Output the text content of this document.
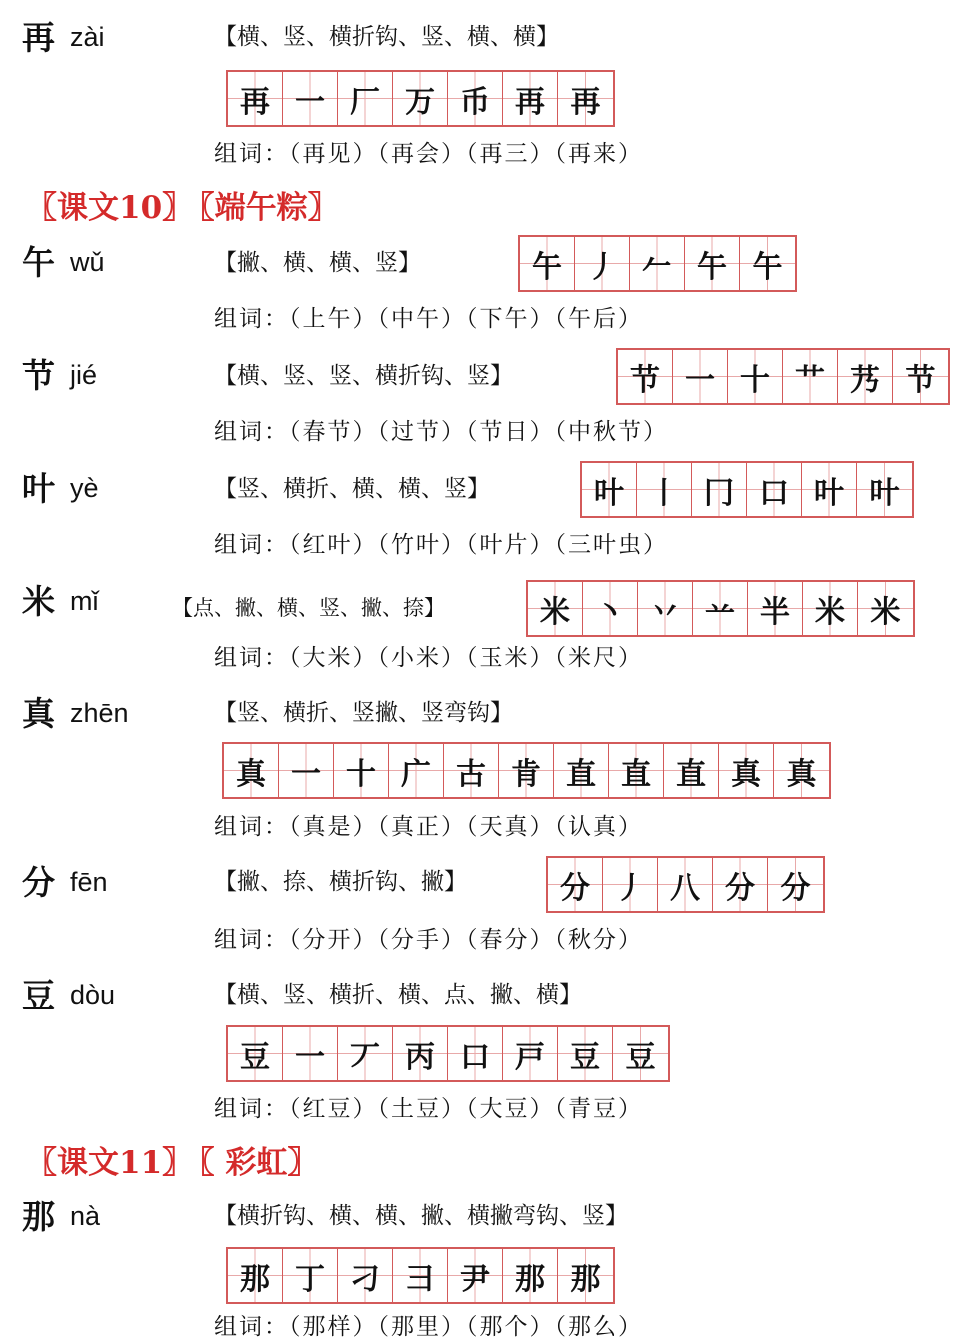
再 zài	【横、竖、横折钩、竖、横、横】
再 一 厂 万 币 再 再
组词：（再见）（再会）（再三）（再来）
〖课文10〗 〖端午粽〗
午 wǔ	【撇、横、横、竖】	午 丿 𠂉 午 午
组词：（上午）（中午）（下午）（午后）
节 jié	【横、竖、竖、横折钩、竖】	节 一 十 艹 艿 节
组词：（春节）（过节）（节日）（中秋节）
叶 yè	【竖、横折、横、横、竖】	叶 丨 冂 口 叶 叶
组词：（红叶）（竹叶）（叶片）（三叶虫）
米 mǐ	【点、撇、横、竖、撇、捺】	米 丶 丷 䒑 半 米 米
组词：（大米）（小米）（玉米）（米尺）
真 zhēn	【竖、横折、竖撇、竖弯钩】
真 一 十 广 古 肯 直 直 直 真 真
组词：（真是）（真正）（天真）（认真）
分 fēn	【撇、捺、横折钩、撇】	分 丿 八 分 分
组词：（分开）（分手）（春分）（秋分）
豆 dòu	【横、竖、横折、横、点、撇、横】
豆 一 丆 丙 口 戸 豆 豆
组词：（红豆）（土豆）（大豆）（青豆）
〖课文11〗 〖 彩虹〗
那 nà	【横折钩、横、横、撇、横撇弯钩、竖】
那 丁 刁 彐 尹 那 那
组词：（那样）（那里）（那个）（那么）
